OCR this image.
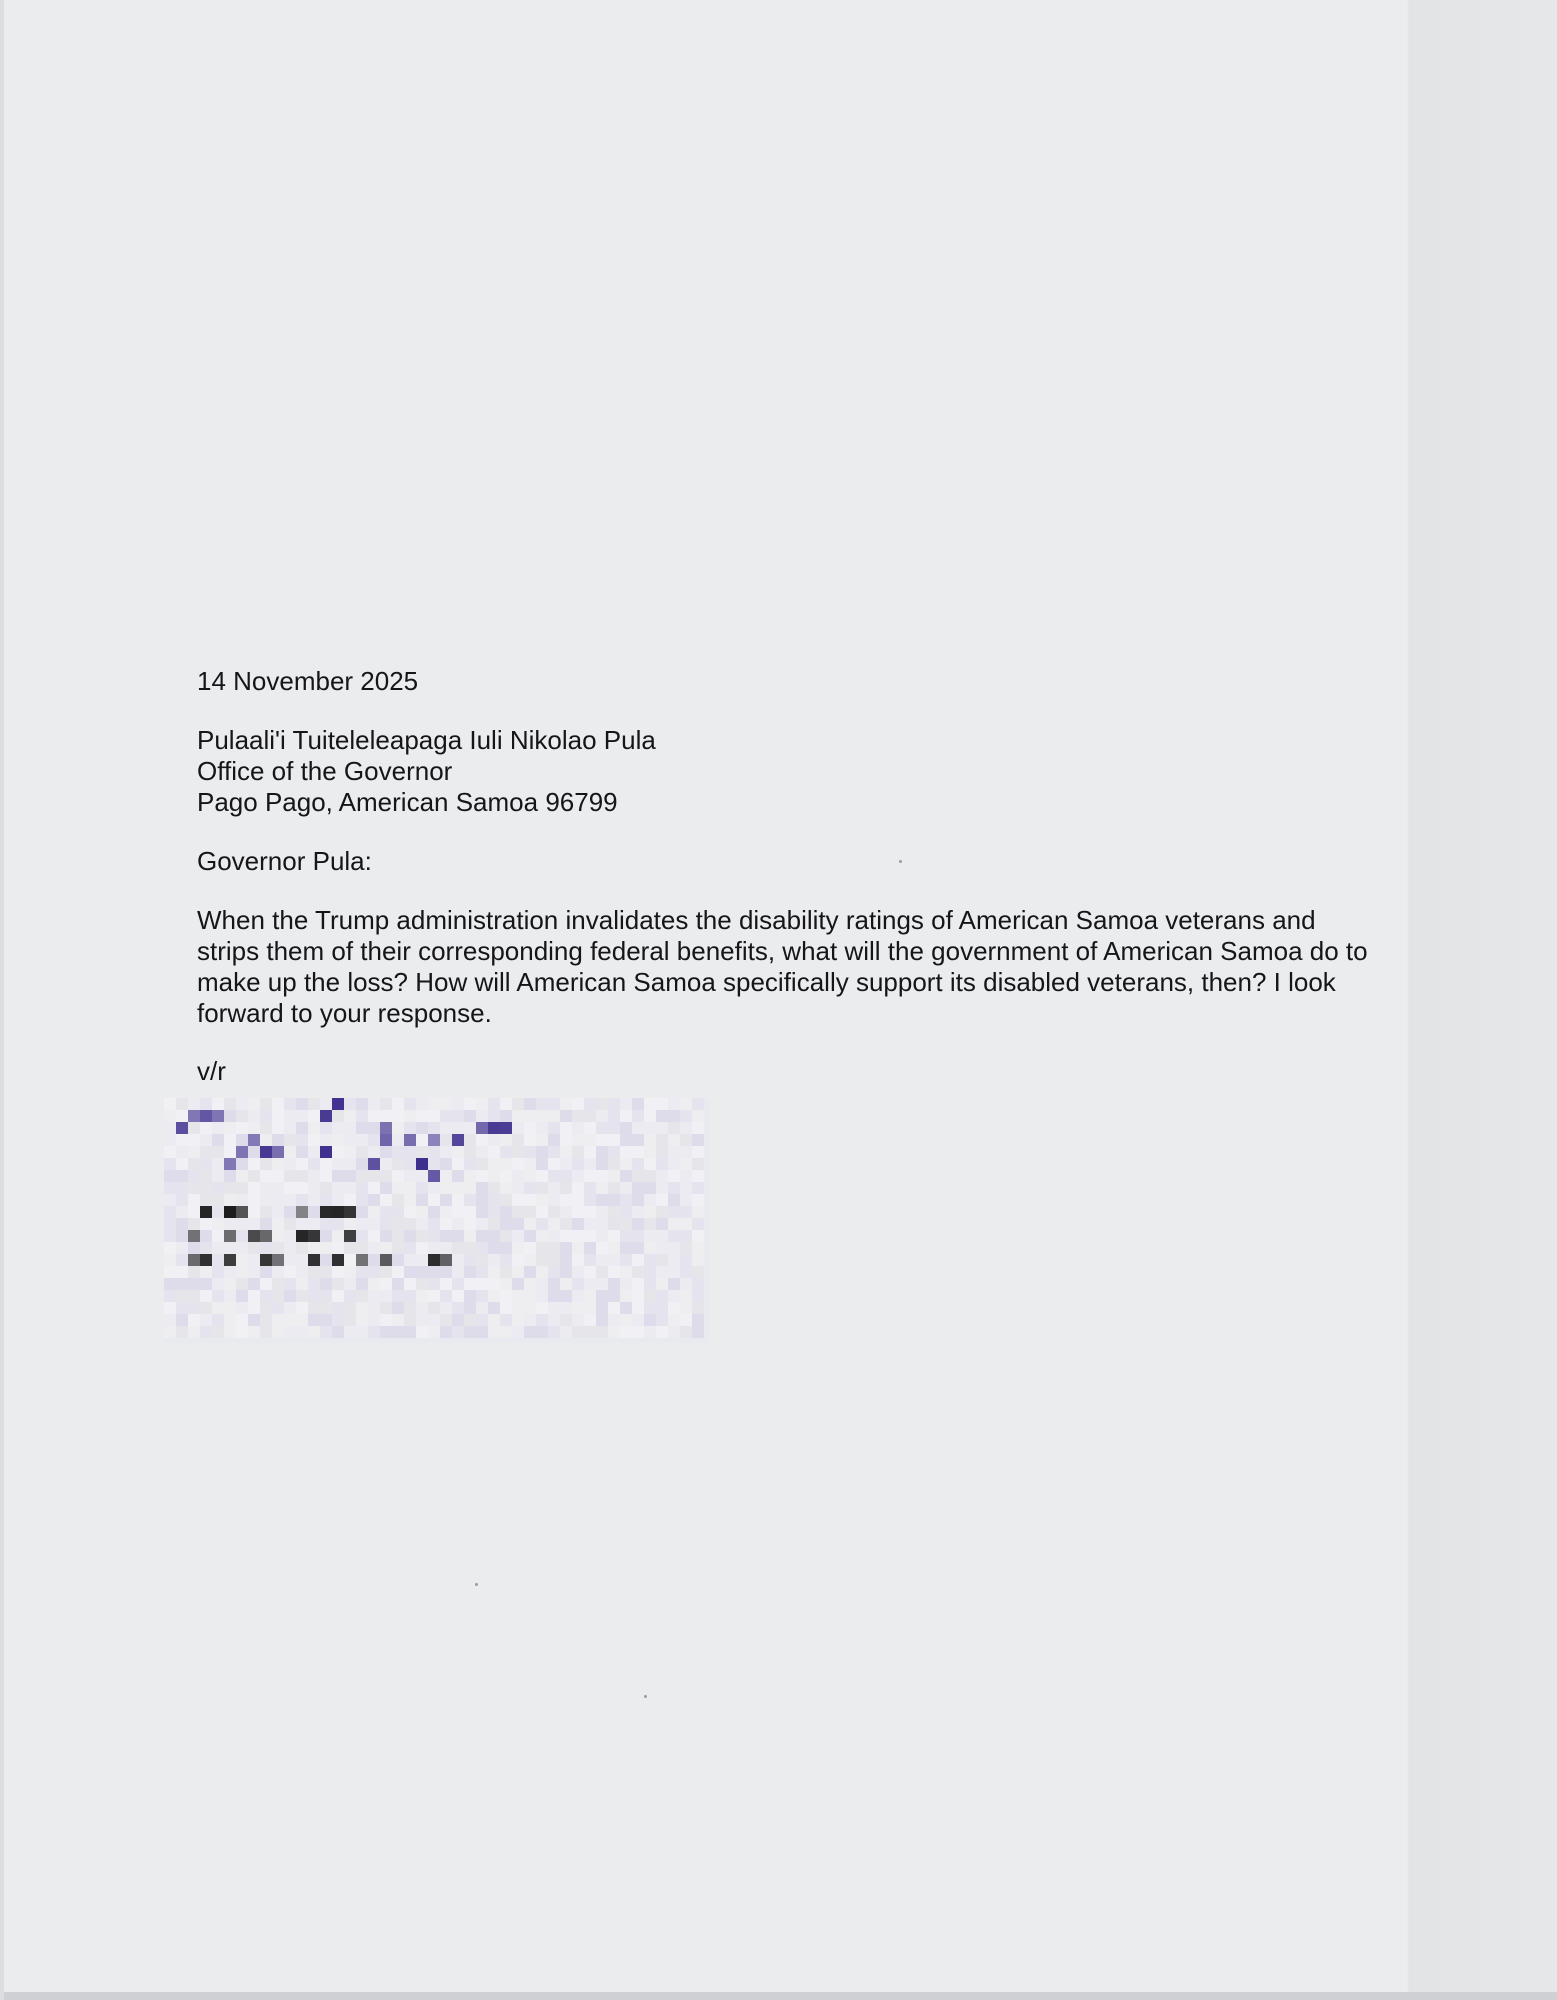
14 November 2025

Pulaali'i Tuiteleleapaga Iuli Nikolao Pula

Office of the Governor

Pago Pago, American Samoa 96799

Governor Pula:

When the Trump administration invalidates the disability ratings of American Samoa veterans and strips them of their corresponding federal benefits, what will the government of American Samoa do to make up the loss? How will American Samoa specifically support its disabled veterans, then? I look forward to your response.

v/r
